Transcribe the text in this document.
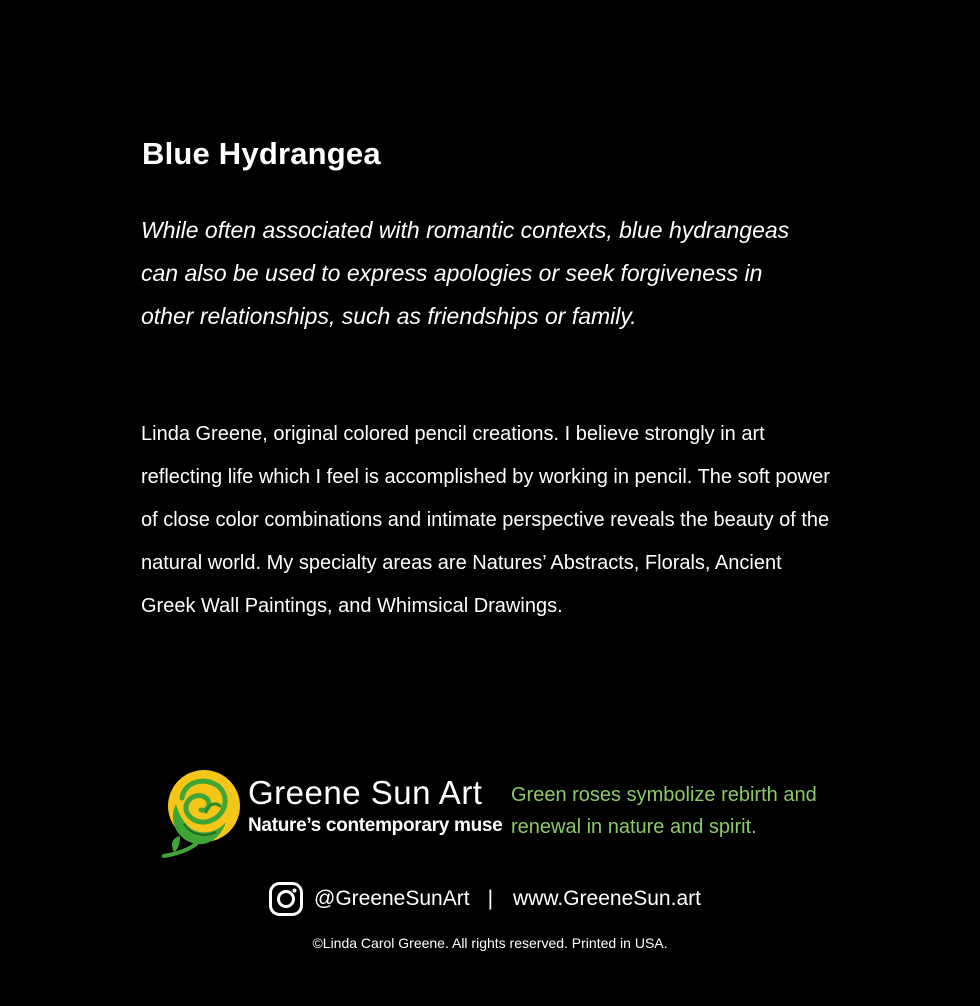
Blue Hydrangea

While often associated with romantic contexts, blue hydrangeas can also be used to express apologies or seek forgiveness in other relationships, such as friendships or family.

Linda Greene, original colored pencil creations. I believe strongly in art reflecting life which I feel is accomplished by working in pencil. The soft power of close color combinations and intimate perspective reveals the beauty of the natural world. My specialty areas are Natures’ Abstracts, Florals, Ancient Greek Wall Paintings, and Whimsical Drawings.

Greene Sun Art
Nature’s contemporary muse

Green roses symbolize rebirth and renewal in nature and spirit.

@GreeneSunArt | www.GreeneSun.art
©Linda Carol Greene. All rights reserved. Printed in USA.
